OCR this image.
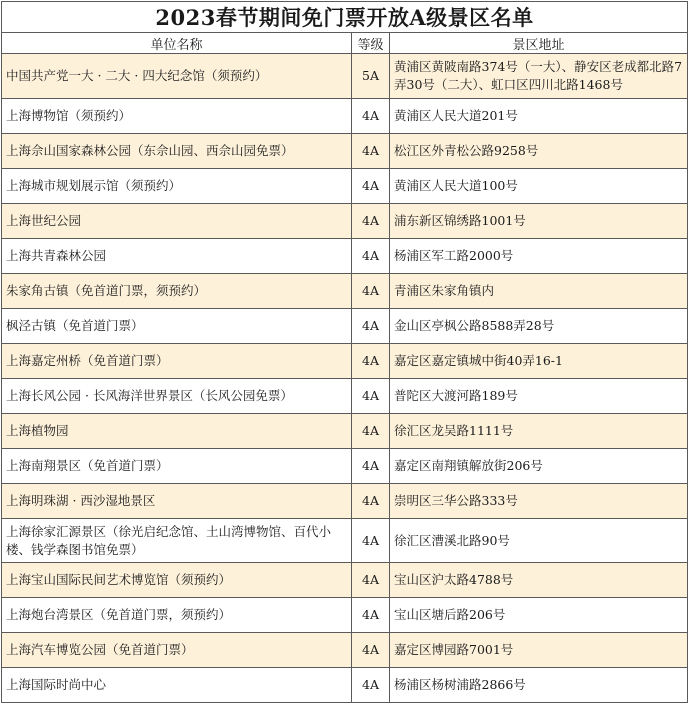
2023春节期间免门票开放A级景区名单		
单位名称	等级	景区地址
中国共产党一大 · 二大 · 四大纪念馆（须预约）	5A	黄浦区黄陂南路374号（一大）、静安区老成都北路7弄30号（二大）、虹口区四川北路1468号
上海博物馆（须预约）	4A	黄浦区人民大道201号
上海佘山国家森林公园（东佘山园、西佘山园免票）	4A	松江区外青松公路9258号
上海城市规划展示馆（须预约）	4A	黄浦区人民大道100号
上海世纪公园	4A	浦东新区锦绣路1001号
上海共青森林公园	4A	杨浦区军工路2000号
朱家角古镇（免首道门票，须预约）	4A	青浦区朱家角镇内
枫泾古镇（免首道门票）	4A	金山区亭枫公路8588弄28号
上海嘉定州桥（免首道门票）	4A	嘉定区嘉定镇城中街40弄16-1
上海长风公园 · 长风海洋世界景区（长风公园免票）	4A	普陀区大渡河路189号
上海植物园	4A	徐汇区龙吴路1111号
上海南翔景区（免首道门票）	4A	嘉定区南翔镇解放街206号
上海明珠湖 · 西沙湿地景区	4A	崇明区三华公路333号
上海徐家汇源景区（徐光启纪念馆、土山湾博物馆、百代小楼、钱学森图书馆免票）	4A	徐汇区漕溪北路90号
上海宝山国际民间艺术博览馆（须预约）	4A	宝山区沪太路4788号
上海炮台湾景区（免首道门票，须预约）	4A	宝山区塘后路206号
上海汽车博览公园（免首道门票）	4A	嘉定区博园路7001号
上海国际时尚中心	4A	杨浦区杨树浦路2866号
